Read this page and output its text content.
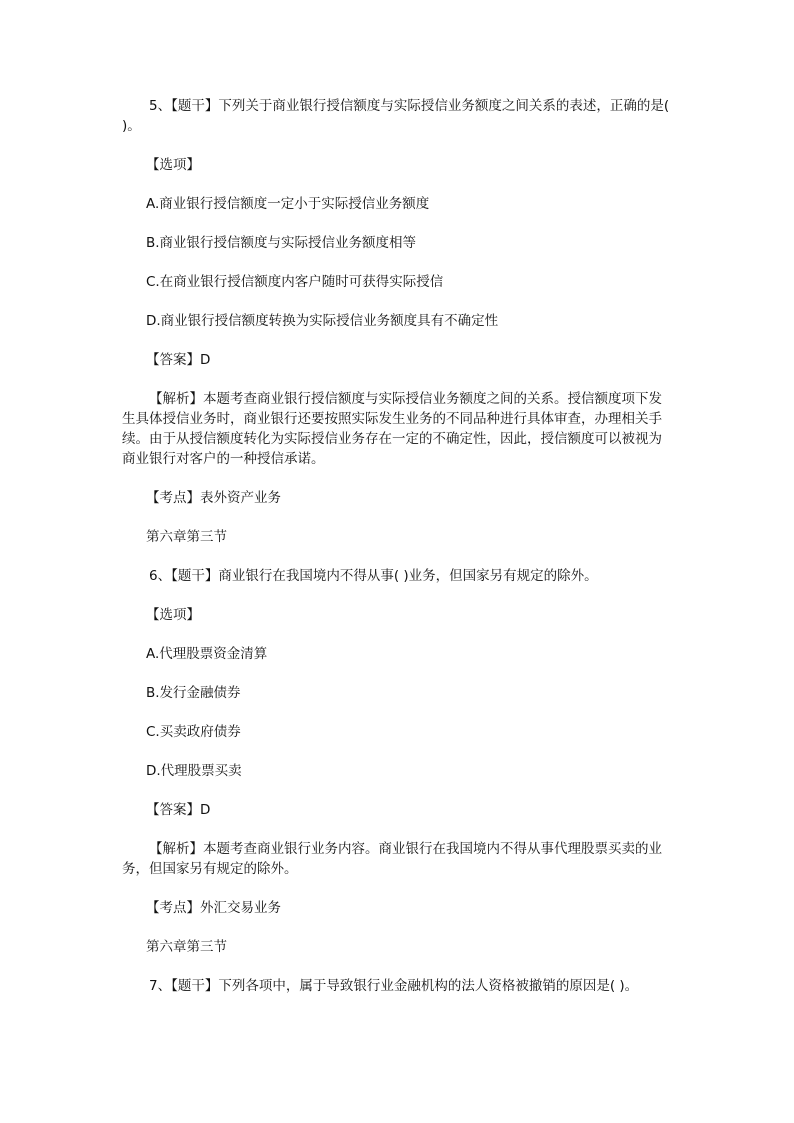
5、【题干】下列关于商业银行授信额度与实际授信业务额度之间关系的表述，正确的是( )。

【选项】

A.商业银行授信额度一定小于实际授信业务额度

B.商业银行授信额度与实际授信业务额度相等

C.在商业银行授信额度内客户随时可获得实际授信

D.商业银行授信额度转换为实际授信业务额度具有不确定性

【答案】D

【解析】本题考查商业银行授信额度与实际授信业务额度之间的关系。授信额度项下发生具体授信业务时，商业银行还要按照实际发生业务的不同品种进行具体审查，办理相关手续。由于从授信额度转化为实际授信业务存在一定的不确定性，因此，授信额度可以被视为商业银行对客户的一种授信承诺。

【考点】表外资产业务

第六章第三节

6、【题干】商业银行在我国境内不得从事( )业务，但国家另有规定的除外。

【选项】

A.代理股票资金清算

B.发行金融债券

C.买卖政府债券

D.代理股票买卖

【答案】D

【解析】本题考查商业银行业务内容。商业银行在我国境内不得从事代理股票买卖的业务，但国家另有规定的除外。

【考点】外汇交易业务

第六章第三节

7、【题干】下列各项中，属于导致银行业金融机构的法人资格被撤销的原因是( )。
